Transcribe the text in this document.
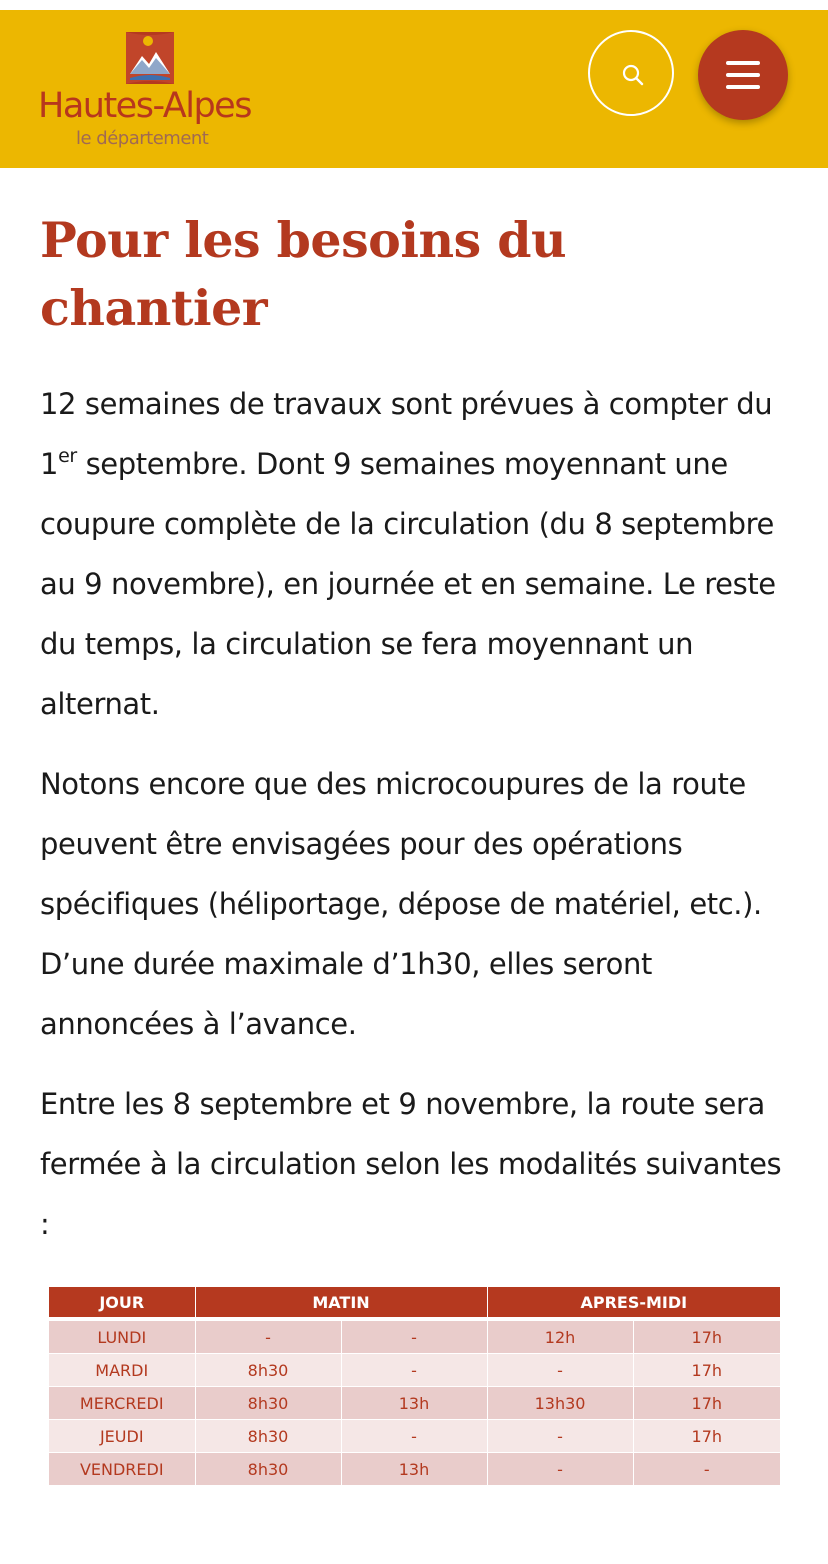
Hautes-Alpes
le département
Pour les besoins du chantier

12 semaines de travaux sont prévues à compter du 1er septembre. Dont 9 semaines moyennant une coupure complète de la circulation (du 8 septembre au 9 novembre), en journée et en semaine. Le reste du temps, la circulation se fera moyennant un alternat.

Notons encore que des microcoupures de la route peuvent être envisagées pour des opérations spécifiques (héliportage, dépose de matériel, etc.). D’une durée maximale d’1h30, elles seront annoncées à l’avance.

Entre les 8 septembre et 9 novembre, la route sera fermée à la circulation selon les modalités suivantes :

JOUR	MATIN		APRES-MIDI	
LUNDI	-	-	12h	17h
MARDI	8h30	-	-	17h
MERCREDI	8h30	13h	13h30	17h
JEUDI	8h30	-	-	17h
VENDREDI	8h30	13h	-	-
